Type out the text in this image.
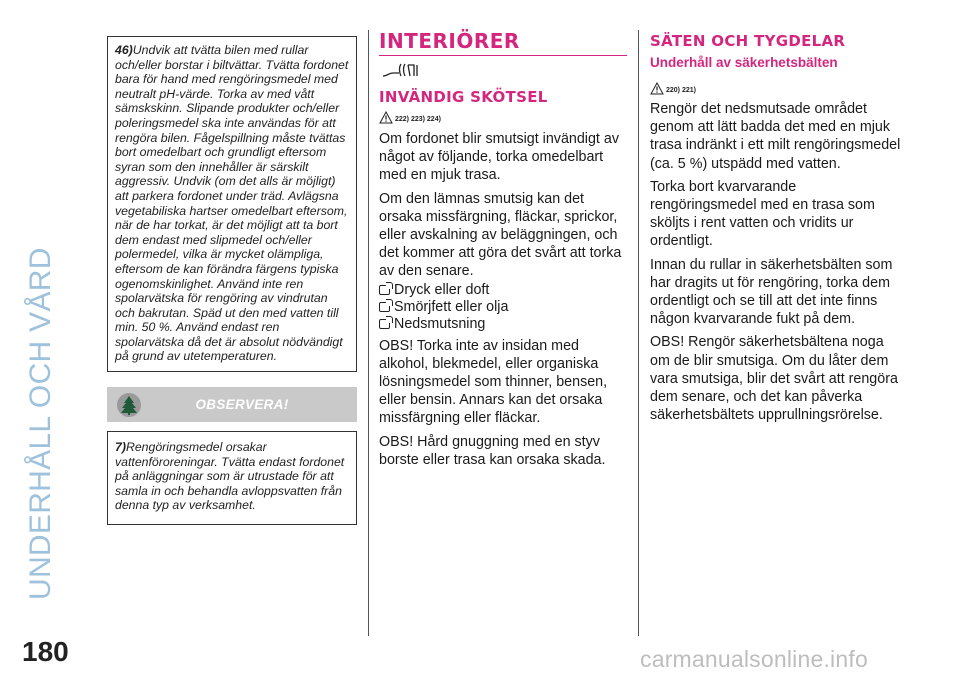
UNDERHÅLL OCH VÅRD
180
46)Undvik att tvätta bilen med rullar och/eller borstar i biltvättar. Tvätta fordonet bara för hand med rengöringsmedel med neutralt pH-värde. Torka av med vått sämskskinn. Slipande produkter och/eller poleringsmedel ska inte användas för att rengöra bilen. Fågelspillning måste tvättas bort omedelbart och grundligt eftersom syran som den innehåller är särskilt aggressiv. Undvik (om det alls är möjligt) att parkera fordonet under träd. Avlägsna vegetabiliska hartser omedelbart eftersom, när de har torkat, är det möjligt att ta bort dem endast med slipmedel och/eller polermedel, vilka är mycket olämpliga, eftersom de kan förändra färgens typiska ogenomskinlighet. Använd inte ren spolarvätska för rengöring av vindrutan och bakrutan. Späd ut den med vatten till min. 50 %. Använd endast ren spolarvätska då det är absolut nödvändigt på grund av utetemperaturen.
OBSERVERA!
7)Rengöringsmedel orsakar vattenföroreningar. Tvätta endast fordonet på anläggningar som är utrustade för att samla in och behandla avloppsvatten från denna typ av verksamhet.
INTERIÖRER
INVÄNDIG SKÖTSEL
222) 223) 224)

Om fordonet blir smutsigt invändigt av något av följande, torka omedelbart med en mjuk trasa.

Om den lämnas smutsig kan det orsaka missfärgning, fläckar, sprickor, eller avskalning av beläggningen, och det kommer att göra det svårt att torka av den senare.

Dryck eller doft
Smörjfett eller olja
Nedsmutsning

OBS! Torka inte av insidan med alkohol, blekmedel, eller organiska lösningsmedel som thinner, bensen, eller bensin. Annars kan det orsaka missfärgning eller fläckar.

OBS! Hård gnuggning med en styv borste eller trasa kan orsaka skada.

SÄTEN OCH TYGDELAR
Underhåll av säkerhetsbälten
220) 221)

Rengör det nedsmutsade området genom att lätt badda det med en mjuk trasa indränkt i ett milt rengöringsmedel (ca. 5 %) utspädd med vatten.

Torka bort kvarvarande rengöringsmedel med en trasa som sköljts i rent vatten och vridits ur ordentligt.

Innan du rullar in säkerhetsbälten som har dragits ut för rengöring, torka dem ordentligt och se till att det inte finns någon kvarvarande fukt på dem.

OBS! Rengör säkerhetsbältena noga om de blir smutsiga. Om du låter dem vara smutsiga, blir det svårt att rengöra dem senare, och det kan påverka säkerhetsbältets upprullningsrörelse.

carmanualsonline.info
